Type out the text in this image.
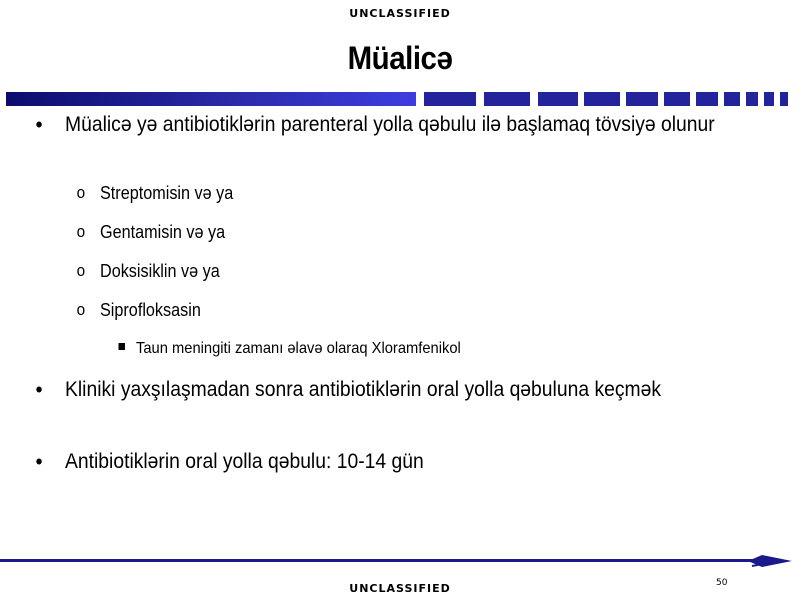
UNCLASSIFIED
Müalicə
• Müalicə yə antibiotiklərin parenteral yolla qəbulu ilə başlamaq tövsiyə olunur
o Streptomisin və ya
o Gentamisin və ya
o Doksisiklin və ya
o Siprofloksasin
Taun meningiti zamanı əlavə olaraq Xloramfenikol
• Kliniki yaxşılaşmadan sonra antibiotiklərin oral yolla qəbuluna keçmək
• Antibiotiklərin oral yolla qəbulu: 10-14 gün
50
UNCLASSIFIED
